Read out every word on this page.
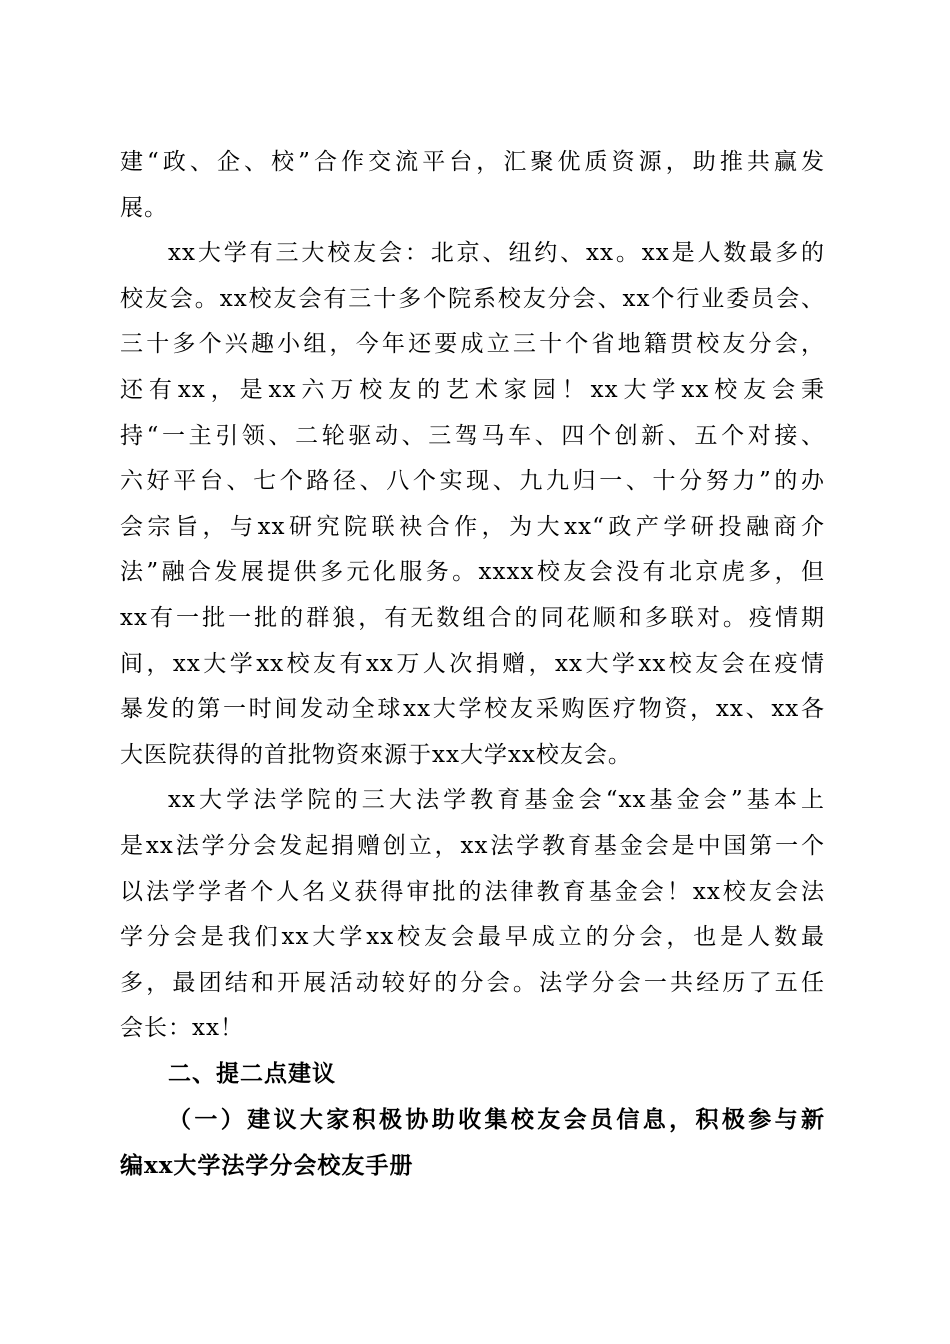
建“政、企、校”合作交流平台，汇聚优质资源，助推共赢发
展。
xx大学有三大校友会：北京、纽约、xx。xx是人数最多的
校友会。xx校友会有三十多个院系校友分会、xx个行业委员会、
三十多个兴趣小组，今年还要成立三十个省地籍贯校友分会，
还有xx，是xx六万校友的艺术家园！xx大学xx校友会秉
持“一主引领、二轮驱动、三驾马车、四个创新、五个对接、
六好平台、七个路径、八个实现、九九归一、十分努力”的办
会宗旨，与xx研究院联袂合作，为大xx“政产学研投融商介
法”融合发展提供多元化服务。xxxx校友会没有北京虎多，但
xx有一批一批的群狼，有无数组合的同花顺和多联对。疫情期
间，xx大学xx校友有xx万人次捐赠，xx大学xx校友会在疫情
暴发的第一时间发动全球xx大学校友采购医疗物资，xx、xx各
大医院获得的首批物资來源于xx大学xx校友会。
xx大学法学院的三大法学教育基金会“xx基金会”基本上
是xx法学分会发起捐赠创立，xx法学教育基金会是中国第一个
以法学学者个人名义获得审批的法律教育基金会！xx校友会法
学分会是我们xx大学xx校友会最早成立的分会，也是人数最
多，最团结和开展活动较好的分会。法学分会一共经历了五任
会长：xx！
二、提二点建议
（一）建议大家积极协助收集校友会员信息，积极参与新
编xx大学法学分会校友手册
